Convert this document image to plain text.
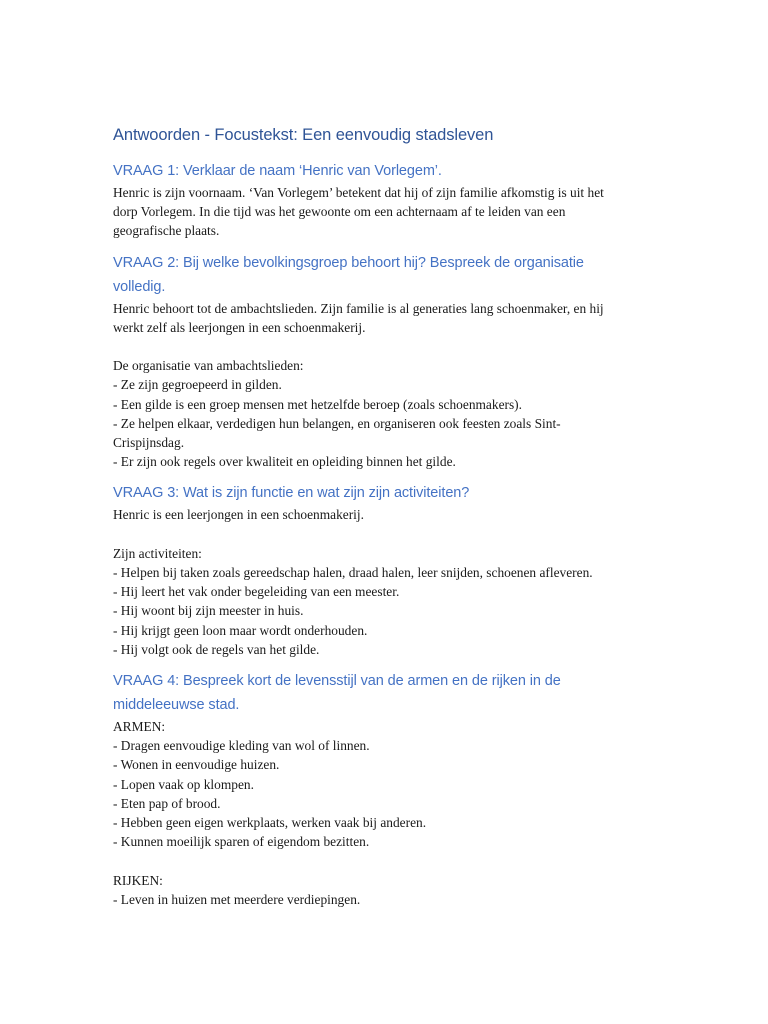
Antwoorden - Focustekst: Een eenvoudig stadsleven
VRAAG 1: Verklaar de naam ‘Henric van Vorlegem’.
Henric is zijn voornaam. ‘Van Vorlegem’ betekent dat hij of zijn familie afkomstig is uit het
dorp Vorlegem. In die tijd was het gewoonte om een achternaam af te leiden van een
geografische plaats.
VRAAG 2: Bij welke bevolkingsgroep behoort hij? Bespreek de organisatie
volledig.
Henric behoort tot de ambachtslieden. Zijn familie is al generaties lang schoenmaker, en hij
werkt zelf als leerjongen in een schoenmakerij.
De organisatie van ambachtslieden:
- Ze zijn gegroepeerd in gilden.
- Een gilde is een groep mensen met hetzelfde beroep (zoals schoenmakers).
- Ze helpen elkaar, verdedigen hun belangen, en organiseren ook feesten zoals Sint-
Crispijnsdag.
- Er zijn ook regels over kwaliteit en opleiding binnen het gilde.
VRAAG 3: Wat is zijn functie en wat zijn zijn activiteiten?
Henric is een leerjongen in een schoenmakerij.
Zijn activiteiten:
- Helpen bij taken zoals gereedschap halen, draad halen, leer snijden, schoenen afleveren.
- Hij leert het vak onder begeleiding van een meester.
- Hij woont bij zijn meester in huis.
- Hij krijgt geen loon maar wordt onderhouden.
- Hij volgt ook de regels van het gilde.
VRAAG 4: Bespreek kort de levensstijl van de armen en de rijken in de
middeleeuwse stad.
ARMEN:
- Dragen eenvoudige kleding van wol of linnen.
- Wonen in eenvoudige huizen.
- Lopen vaak op klompen.
- Eten pap of brood.
- Hebben geen eigen werkplaats, werken vaak bij anderen.
- Kunnen moeilijk sparen of eigendom bezitten.
RIJKEN:
- Leven in huizen met meerdere verdiepingen.
